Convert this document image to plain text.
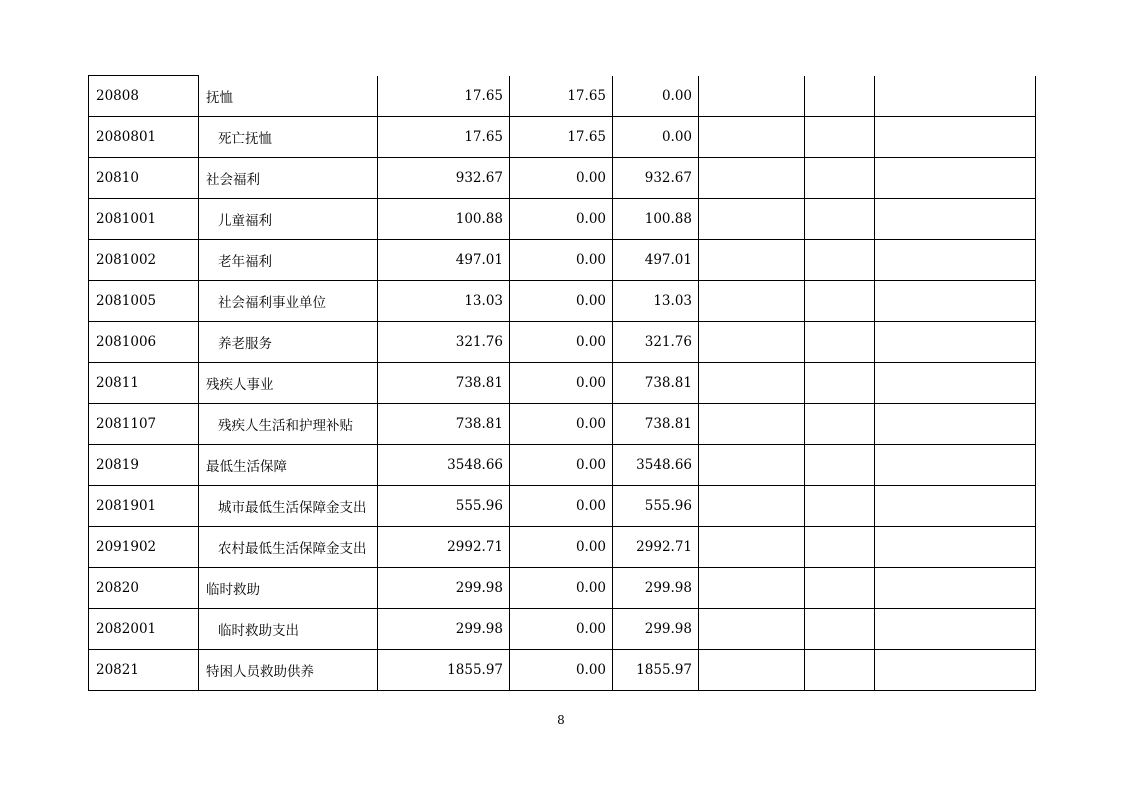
20808	抚恤	17.65	17.65	0.00			
2080801	死亡抚恤	17.65	17.65	0.00			
20810	社会福利	932.67	0.00	932.67			
2081001	儿童福利	100.88	0.00	100.88			
2081002	老年福利	497.01	0.00	497.01			
2081005	社会福利事业单位	13.03	0.00	13.03			
2081006	养老服务	321.76	0.00	321.76			
20811	残疾人事业	738.81	0.00	738.81			
2081107	残疾人生活和护理补贴	738.81	0.00	738.81			
20819	最低生活保障	3548.66	0.00	3548.66			
2081901	城市最低生活保障金支出	555.96	0.00	555.96			
2091902	农村最低生活保障金支出	2992.71	0.00	2992.71			
20820	临时救助	299.98	0.00	299.98			
2082001	临时救助支出	299.98	0.00	299.98			
20821	特困人员救助供养	1855.97	0.00	1855.97			
8
